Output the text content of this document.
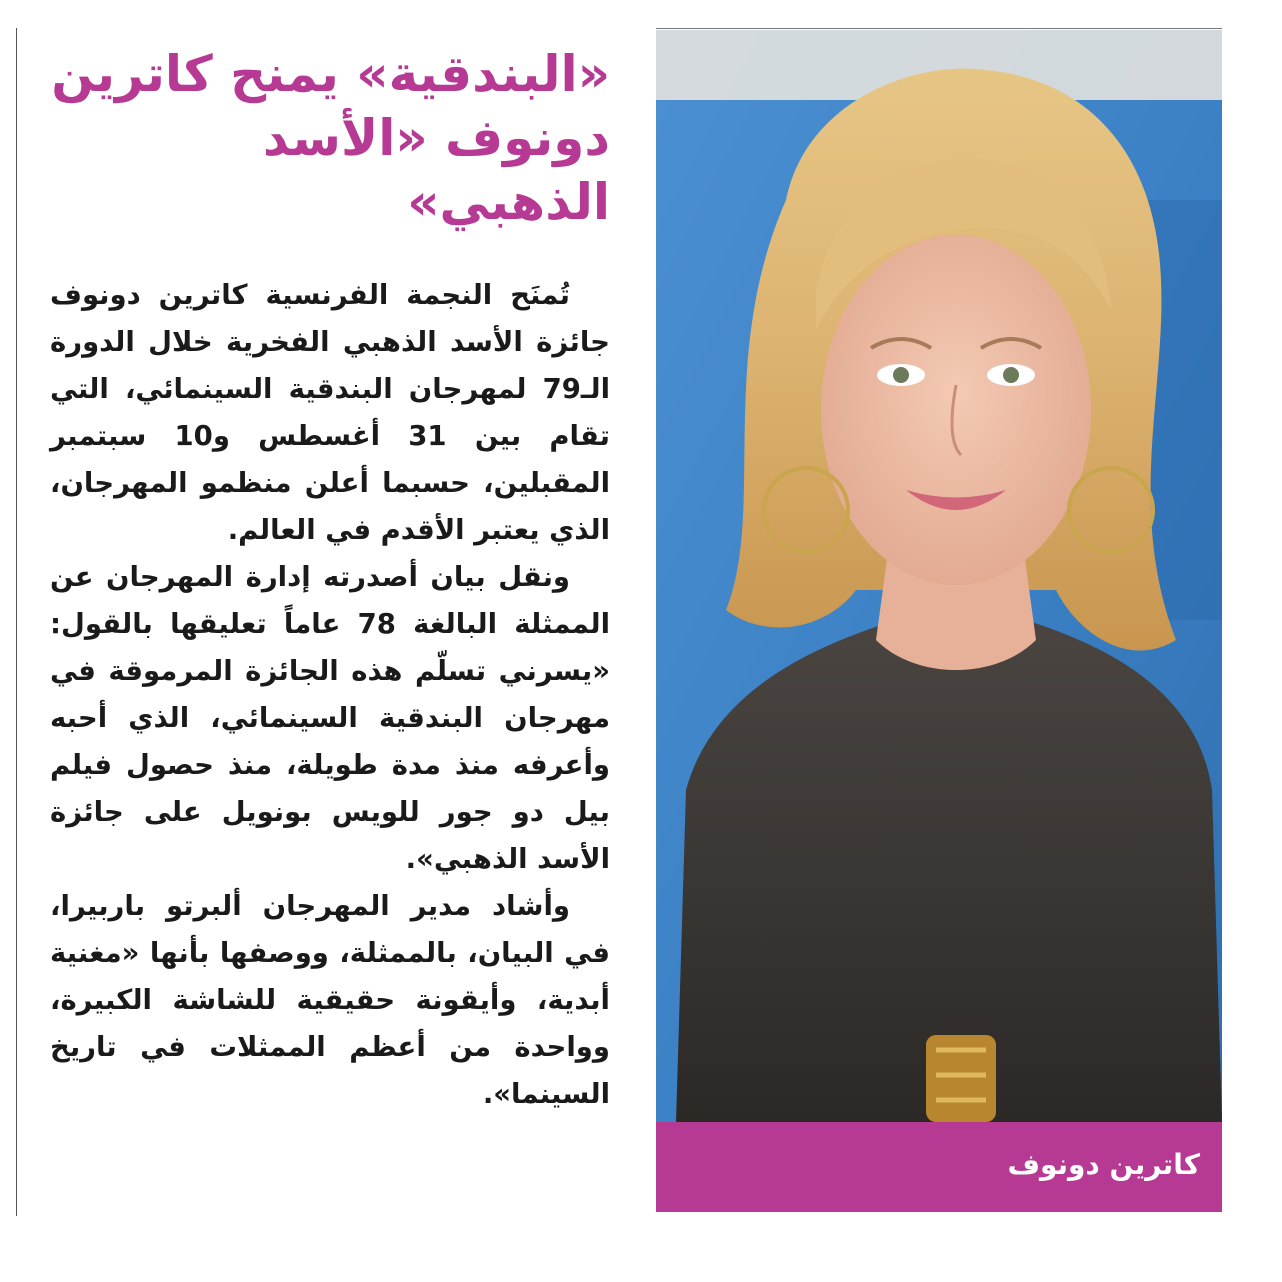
«البندقية» يمنح كاترين دونوف «الأسد الذهبي»

تُمنَح النجمة الفرنسية كاترين دونوف جائزة الأسد الذهبي الفخرية خلال الدورة الـ79 لمهرجان البندقية السينمائي، التي تقام بين 31 أغسطس و10 سبتمبر المقبلين، حسبما أعلن منظمو المهرجان، الذي يعتبر الأقدم في العالم.

ونقل بيان أصدرته إدارة المهرجان عن الممثلة البالغة 78 عاماً تعليقها بالقول: «يسرني تسلّم هذه الجائزة المرموقة في مهرجان البندقية السينمائي، الذي أحبه وأعرفه منذ مدة طويلة، منذ حصول فيلم بيل دو جور للويس بونويل على جائزة الأسد الذهبي».

وأشاد مدير المهرجان ألبرتو باربيرا، في البيان، بالممثلة، ووصفها بأنها «مغنية أبدية، وأيقونة حقيقية للشاشة الكبيرة، وواحدة من أعظم الممثلات في تاريخ السينما».

كاترين دونوف
